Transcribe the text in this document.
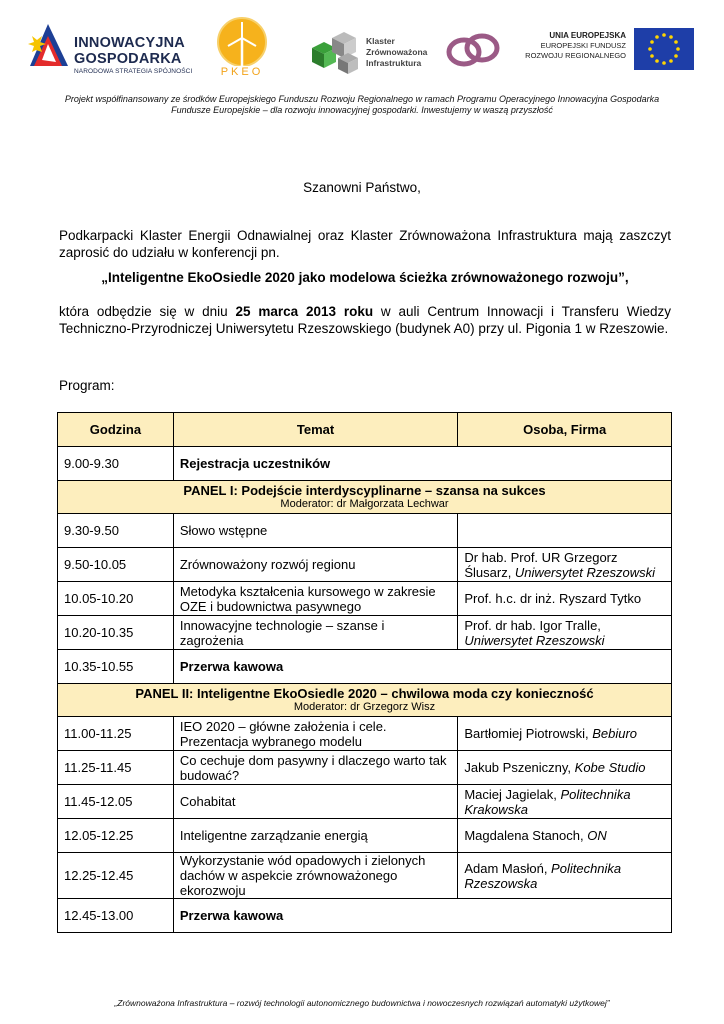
INNOWACYJNA
GOSPODARKA
NARODOWA STRATEGIA SPÓJNOŚCI	PKEO
Klaster
Zrównoważona
Infrastruktura
UNIA EUROPEJSKA
EUROPEJSKI FUNDUSZ
ROZWOJU REGIONALNEGO
Projekt współfinansowany ze środków Europejskiego Funduszu Rozwoju Regionalnego w ramach Programu Operacyjnego Innowacyjna Gospodarka
Fundusze Europejskie – dla rozwoju innowacyjnej gospodarki. Inwestujemy w waszą przyszłość
Szanowni Państwo,
Podkarpacki Klaster Energii Odnawialnej oraz Klaster Zrównoważona Infrastruktura mają zaszczyt zaprosić do udziału w konferencji pn.
„Inteligentne EkoOsiedle 2020 jako modelowa ścieżka zrównoważonego rozwoju”,
która odbędzie się w dniu 25 marca 2013 roku w auli Centrum Innowacji i Transferu Wiedzy Techniczno-Przyrodniczej Uniwersytetu Rzeszowskiego (budynek A0) przy ul. Pigonia 1 w Rzeszowie.
Program:
Godzina	Temat	Osoba, Firma
9.00-9.30	Rejestracja uczestników	

PANEL I: Podejście interdyscyplinarne – szansa na sukces
Moderator: dr Małgorzata Lechwar		

9.30-9.50	Słowo wstępne	
9.50-10.05	Zrównoważony rozwój regionu	Dr hab. Prof. UR Grzegorz Ślusarz, Uniwersytet Rzeszowski
10.05-10.20	Metodyka kształcenia kursowego w zakresie OZE i budownictwa pasywnego	Prof. h.c. dr inż. Ryszard Tytko
10.20-10.35	Innowacyjne technologie – szanse i zagrożenia	Prof. dr hab. Igor Tralle, Uniwersytet Rzeszowski
10.35-10.55	Przerwa kawowa	

PANEL II: Inteligentne EkoOsiedle 2020 – chwilowa moda czy konieczność
Moderator: dr Grzegorz Wisz		

11.00-11.25	IEO 2020 – główne założenia i cele. Prezentacja wybranego modelu	Bartłomiej Piotrowski, Bebiuro
11.25-11.45	Co cechuje dom pasywny i dlaczego warto tak budować?	Jakub Pszeniczny, Kobe Studio
11.45-12.05	Cohabitat	Maciej Jagielak, Politechnika Krakowska
12.05-12.25	Inteligentne zarządzanie energią	Magdalena Stanoch, ON
12.25-12.45	Wykorzystanie wód opadowych i zielonych dachów w aspekcie zrównoważonego ekorozwoju	Adam Masłoń, Politechnika Rzeszowska
12.45-13.00	Przerwa kawowa	
„Zrównoważona Infrastruktura – rozwój technologii autonomicznego budownictwa i nowoczesnych rozwiązań automatyki użytkowej”
